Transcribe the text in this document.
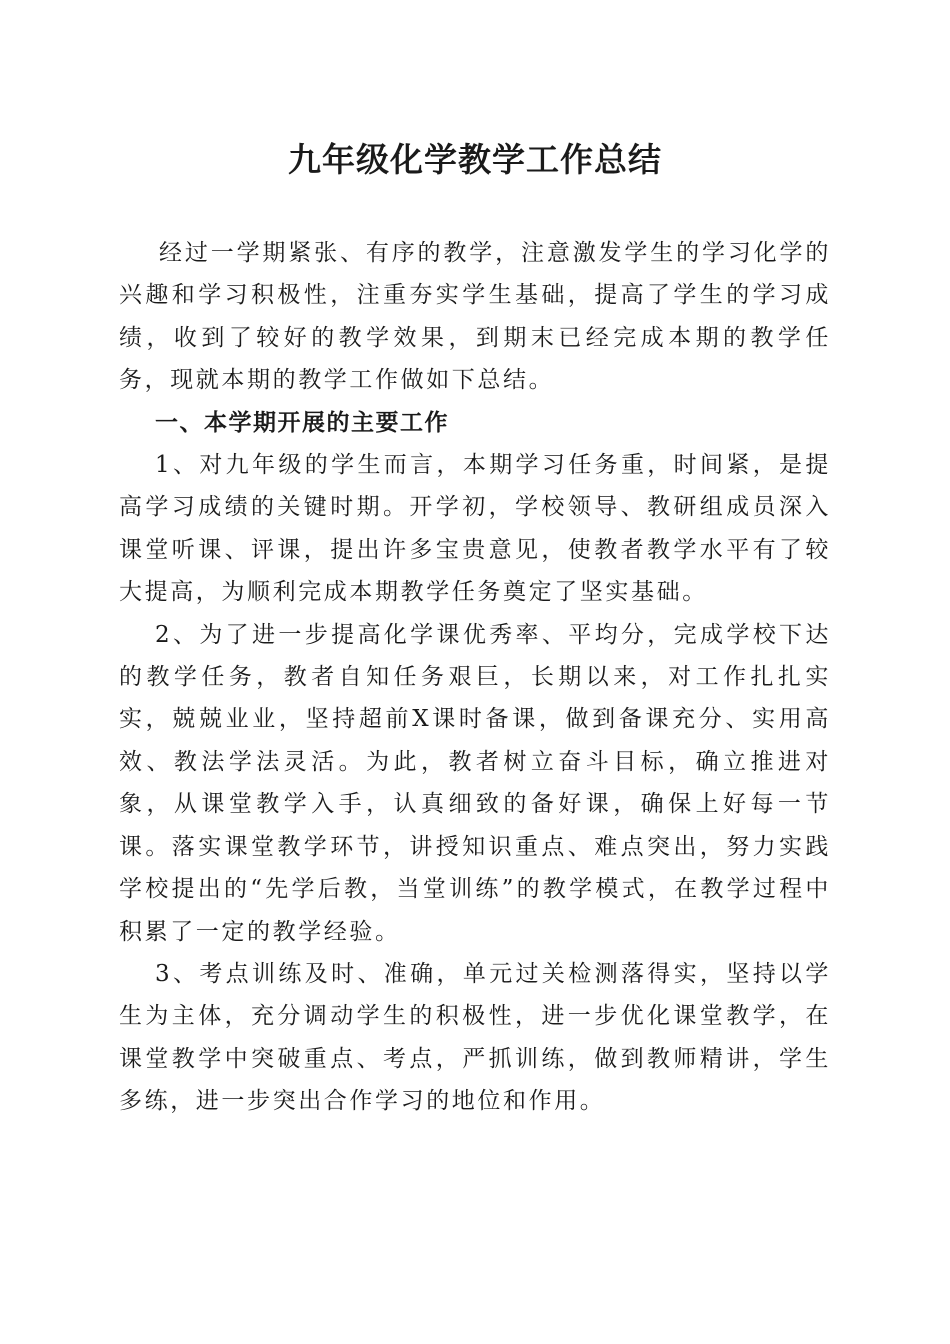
九年级化学教学工作总结

经过一学期紧张、有序的教学，注意激发学生的学习化学的兴趣和学习积极性，注重夯实学生基础，提高了学生的学习成绩，收到了较好的教学效果，到期末已经完成本期的教学任务，现就本期的教学工作做如下总结。

一、本学期开展的主要工作

1、对九年级的学生而言，本期学习任务重，时间紧，是提高学习成绩的关键时期。开学初，学校领导、教研组成员深入课堂听课、评课，提出许多宝贵意见，使教者教学水平有了较大提高，为顺利完成本期教学任务奠定了坚实基础。

2、为了进一步提高化学课优秀率、平均分，完成学校下达的教学任务，教者自知任务艰巨，长期以来，对工作扎扎实实，兢兢业业，坚持超前X课时备课，做到备课充分、实用高效、教法学法灵活。为此，教者树立奋斗目标，确立推进对象，从课堂教学入手，认真细致的备好课，确保上好每一节课。落实课堂教学环节，讲授知识重点、难点突出，努力实践学校提出的“先学后教，当堂训练”的教学模式，在教学过程中积累了一定的教学经验。

3、考点训练及时、准确，单元过关检测落得实，坚持以学生为主体，充分调动学生的积极性，进一步优化课堂教学，在课堂教学中突破重点、考点，严抓训练，做到教师精讲，学生多练，进一步突出合作学习的地位和作用。
